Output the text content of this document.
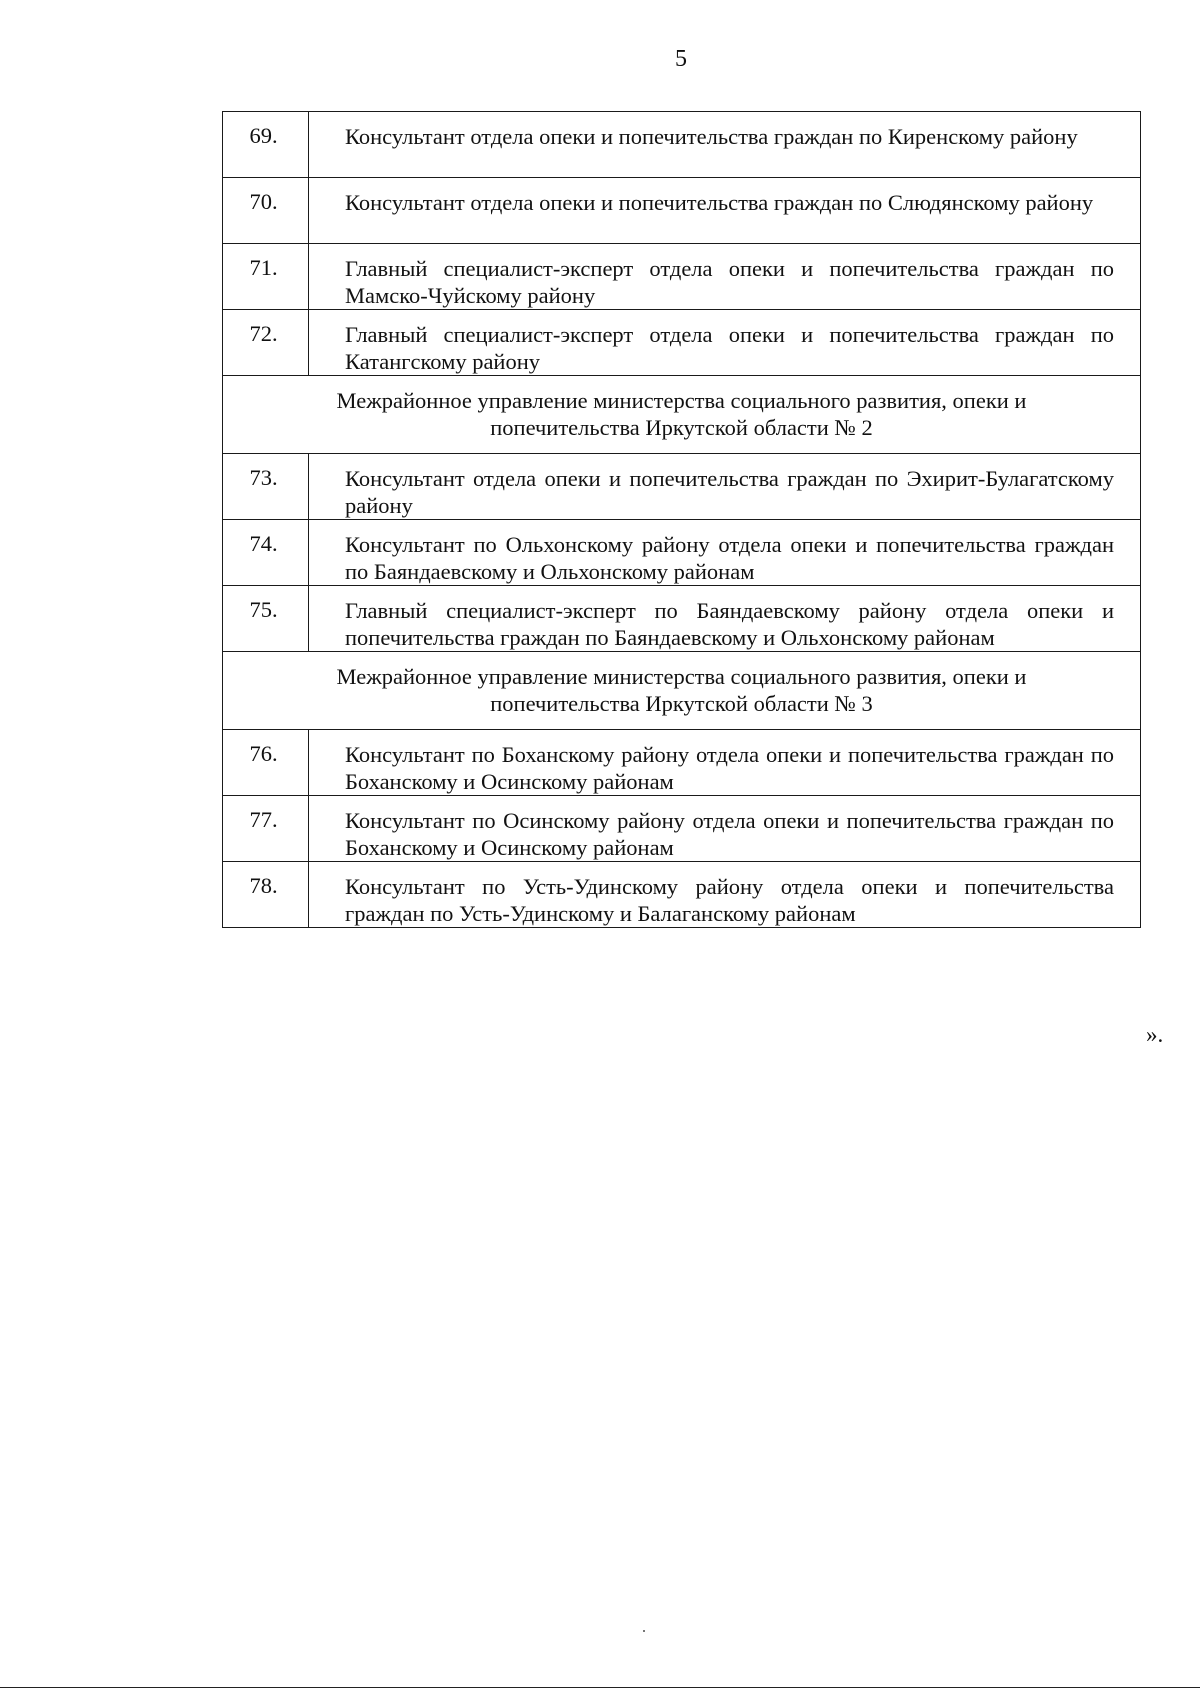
5
69.	Консультант отдела опеки и попечительства граждан по Киренскому району
70.	Консультант отдела опеки и попечительства граждан по Слюдянскому району
71.	Главный специалист-эксперт отдела опеки и попечительства граждан по Мамско-Чуйскому району
72.	Главный специалист-эксперт отдела опеки и попечительства граждан по Катангскому району
Межрайонное управление министерства социального развития, опеки и попечительства Иркутской области № 2	
73.	Консультант отдела опеки и попечительства граждан по Эхирит-Булагатскому району
74.	Консультант по Ольхонскому району отдела опеки и попечительства граждан по Баяндаевскому и Ольхонскому районам
75.	Главный специалист-эксперт по Баяндаевскому району отдела опеки и попечительства граждан по Баяндаевскому и Ольхонскому районам
Межрайонное управление министерства социального развития, опеки и попечительства Иркутской области № 3	
76.	Консультант по Боханскому району отдела опеки и попечительства граждан по Боханскому и Осинскому районам
77.	Консультант по Осинскому району отдела опеки и попечительства граждан по Боханскому и Осинскому районам
78.	Консультант по Усть-Удинскому району отдела опеки и попечительства граждан по Усть-Удинскому и Балаганскому районам
».
